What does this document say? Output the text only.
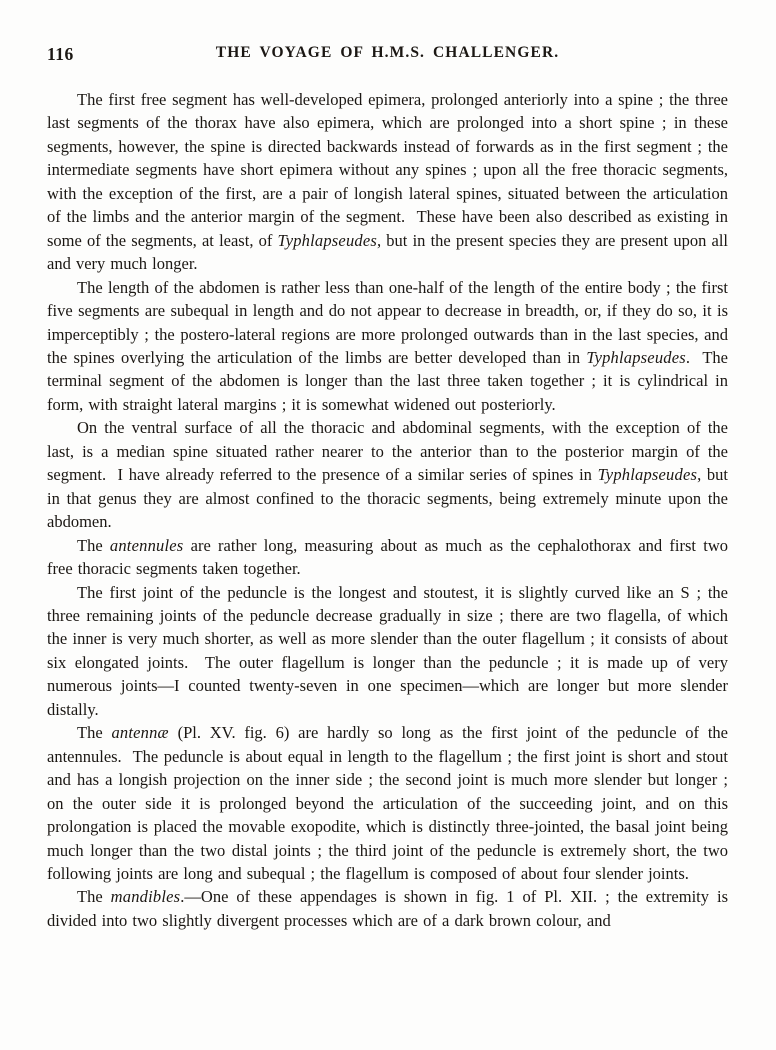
116	THE VOYAGE OF H.M.S. CHALLENGER.

The first free segment has well-developed epimera, prolonged anteriorly into a spine ; the three last segments of the thorax have also epimera, which are prolonged into a short spine ; in these segments, however, the spine is directed backwards instead of forwards as in the first segment ; the intermediate segments have short epimera without any spines ; upon all the free thoracic segments, with the exception of the first, are a pair of longish lateral spines, situated between the articulation of the limbs and the anterior margin of the segment.  These have been also described as existing in some of the segments, at least, of Typhlapseudes, but in the present species they are present upon all and very much longer.

The length of the abdomen is rather less than one-half of the length of the entire body ; the first five segments are subequal in length and do not appear to decrease in breadth, or, if they do so, it is imperceptibly ; the postero-lateral regions are more prolonged outwards than in the last species, and the spines overlying the articulation of the limbs are better developed than in Typhlapseudes.  The terminal segment of the abdomen is longer than the last three taken together ; it is cylindrical in form, with straight lateral margins ; it is somewhat widened out posteriorly.

On the ventral surface of all the thoracic and abdominal segments, with the exception of the last, is a median spine situated rather nearer to the anterior than to the posterior margin of the segment.  I have already referred to the presence of a similar series of spines in Typhlapseudes, but in that genus they are almost confined to the thoracic segments, being extremely minute upon the abdomen.

The antennules are rather long, measuring about as much as the cephalothorax and first two free thoracic segments taken together.

The first joint of the peduncle is the longest and stoutest, it is slightly curved like an S ; the three remaining joints of the peduncle decrease gradually in size ; there are two flagella, of which the inner is very much shorter, as well as more slender than the outer flagellum ; it consists of about six elongated joints.  The outer flagellum is longer than the peduncle ; it is made up of very numerous joints—I counted twenty-seven in one specimen—which are longer but more slender distally.

The antennæ (Pl. XV. fig. 6) are hardly so long as the first joint of the peduncle of the antennules.  The peduncle is about equal in length to the flagellum ; the first joint is short and stout and has a longish projection on the inner side ; the second joint is much more slender but longer ; on the outer side it is prolonged beyond the articulation of the succeeding joint, and on this prolongation is placed the movable exopodite, which is distinctly three-jointed, the basal joint being much longer than the two distal joints ; the third joint of the peduncle is extremely short, the two following joints are long and subequal ; the flagellum is composed of about four slender joints.

The mandibles.—One of these appendages is shown in fig. 1 of Pl. XII. ; the extremity is divided into two slightly divergent processes which are of a dark brown colour, and
